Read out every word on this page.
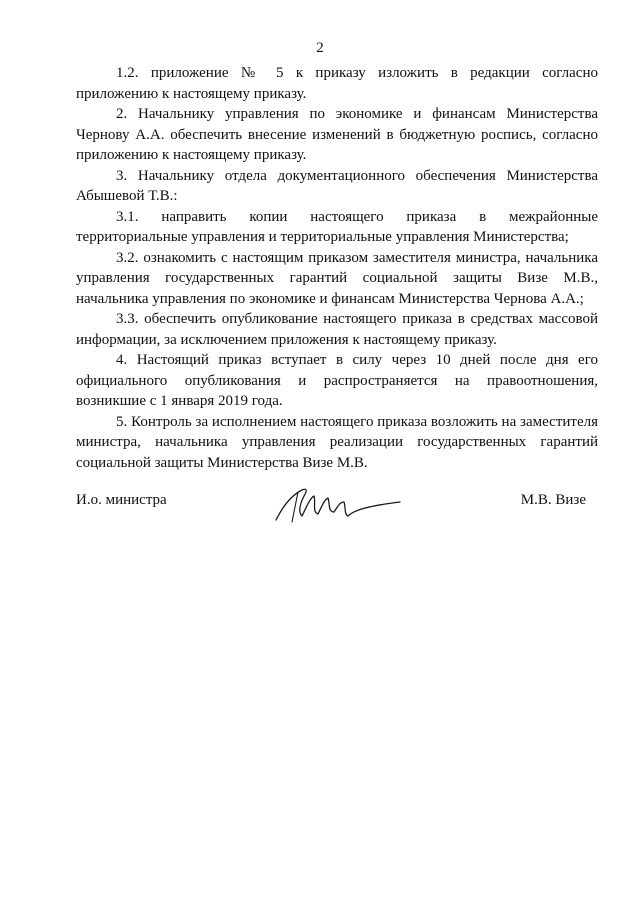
2

1.2. приложение № 5 к приказу изложить в редакции согласно приложению к настоящему приказу.

2. Начальнику управления по экономике и финансам Министерства Чернову А.А. обеспечить внесение изменений в бюджетную роспись, согласно приложению к настоящему приказу.

3. Начальнику отдела документационного обеспечения Министерства Абышевой Т.В.:

3.1. направить копии настоящего приказа в межрайонные территориальные управления и территориальные управления Министерства;

3.2. ознакомить с настоящим приказом заместителя министра, начальника управления государственных гарантий социальной защиты Визе М.В., начальника управления по экономике и финансам Министерства Чернова А.А.;

3.3. обеспечить опубликование настоящего приказа в средствах массовой информации, за исключением приложения к настоящему приказу.

4. Настоящий приказ вступает в силу через 10 дней после дня его официального опубликования и распространяется на правоотношения, возникшие с 1 января 2019 года.

5. Контроль за исполнением настоящего приказа возложить на заместителя министра, начальника управления реализации государственных гарантий социальной защиты Министерства Визе М.В.

И.о. министра	М.В. Визе
